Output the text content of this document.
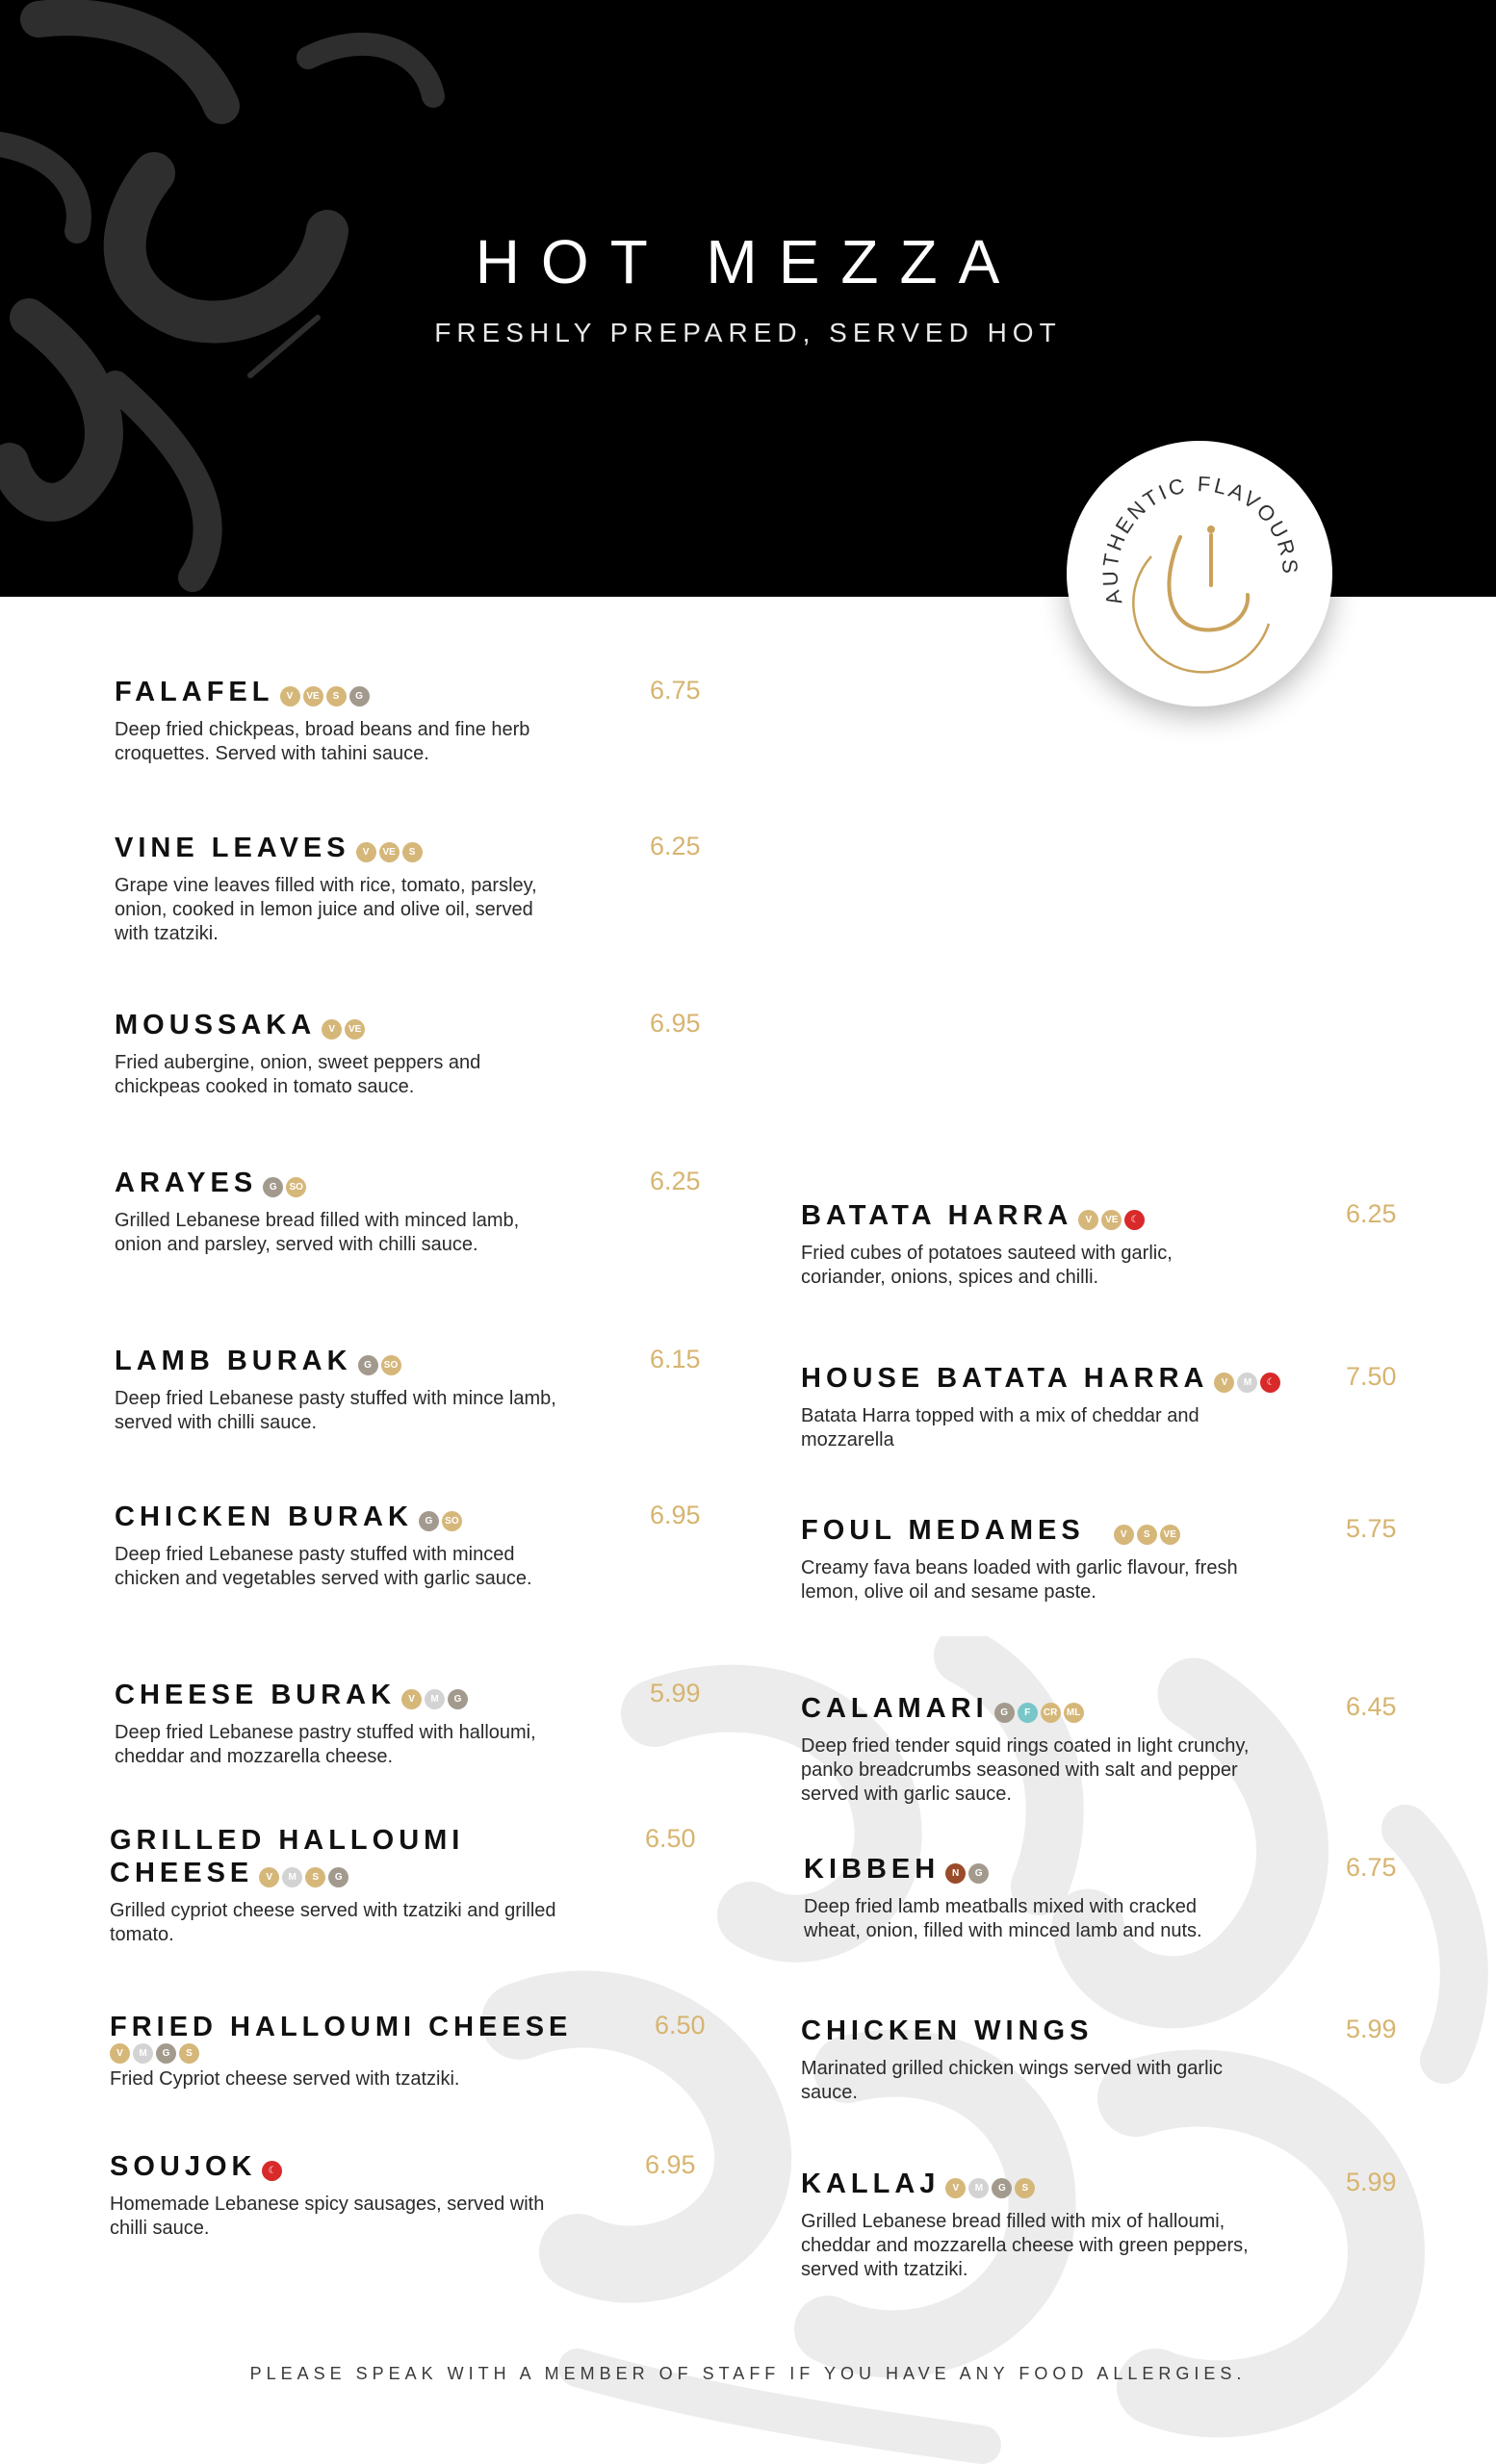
HOT MEZZA
FRESHLY PREPARED, SERVED HOT
AUTHENTIC FLAVOURS
FALAFEL V VE S G	6.75
Deep fried chickpeas, broad beans and fine herb croquettes. Served with tahini sauce.
VINE LEAVES V VE S	6.25
Grape vine leaves filled with rice, tomato, parsley, onion, cooked in lemon juice and olive oil, served with tzatziki.
MOUSSAKA V VE	6.95
Fried aubergine, onion, sweet peppers and chickpeas cooked in tomato sauce.
ARAYES G SO	6.25
Grilled Lebanese bread filled with minced lamb, onion and parsley, served with chilli sauce.
LAMB BURAK G SO	6.15
Deep fried Lebanese pasty stuffed with mince lamb, served with chilli sauce.
CHICKEN BURAK G SO	6.95
Deep fried Lebanese pasty stuffed with minced chicken and vegetables served with garlic sauce.
CHEESE BURAK V M G	5.99
Deep fried Lebanese pastry stuffed with halloumi, cheddar and mozzarella cheese.
GRILLED HALLOUMI CHEESE V M S G
6.50
Grilled cypriot cheese served with tzatziki and grilled tomato.
FRIED HALLOUMI CHEESEV M G S
6.50
Fried Cypriot cheese served with tzatziki.
SOUJOK ☾	6.95
Homemade Lebanese spicy sausages, served with chilli sauce.
BATATA HARRA V VE ☾	6.25
Fried cubes of potatoes sauteed with garlic, coriander, onions, spices and chilli.
HOUSE BATATA HARRA V M ☾	7.50
Batata Harra topped with a mix of cheddar and mozzarella
FOUL MEDAMES	V S VE	5.75
Creamy fava beans loaded with garlic flavour, fresh lemon, olive oil and sesame paste.
CALAMARI G F CR ML	6.45
Deep fried tender squid rings coated in light crunchy, panko breadcrumbs seasoned with salt and pepper served with garlic sauce.
KIBBEH N G	6.75
Deep fried lamb meatballs mixed with cracked wheat, onion, filled with minced lamb and nuts.
CHICKEN WINGS	5.99
Marinated grilled chicken wings served with garlic sauce.
KALLAJ V M G S	5.99
Grilled Lebanese bread filled with mix of halloumi, cheddar and mozzarella cheese with green peppers, served with tzatziki.
PLEASE SPEAK WITH A MEMBER OF STAFF IF YOU HAVE ANY FOOD ALLERGIES.
